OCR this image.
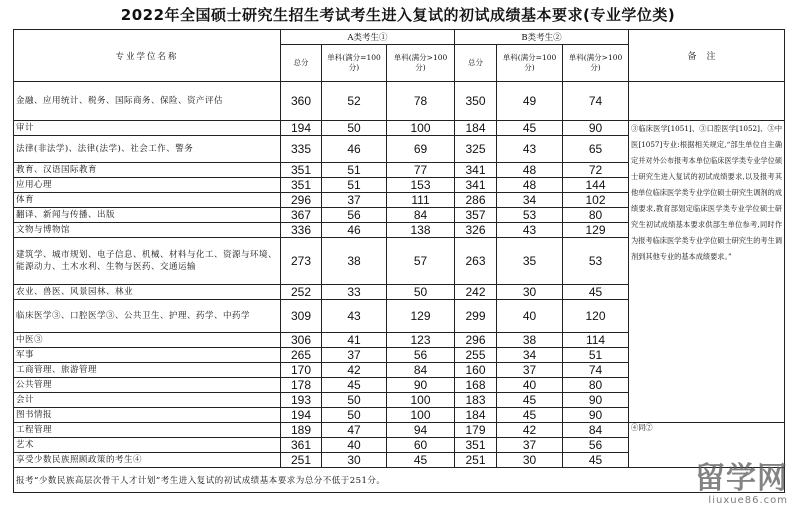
2022年全国硕士研究生招生考试考生进入复试的初试成绩基本要求(专业学位类)
专业学位名称	A类考生①			B类考生②			备注
	总分	单科(满分=100分)	单科(满分>100分)	总分	单科(满分=100分)	单科(满分>100分)	
金融、应用统计、税务、国际商务、保险、资产评估	360	52	78	350	49	74	
审计	194	50	100	184	45	90	③临床医学[1051]、③口腔医学[1052]、③中医[1057]专业:根据相关规定,“部生单位自主确定并对外公布报考本单位临床医学类专业学位硕士研究生进入复试的初试成绩要求,以及报考其他单位临床医学类专业学位硕士研究生调剂的成绩要求,教育部划定临床医学类专业学位硕士研究生初试成绩基本要求供部生单位参考,同时作为报考临床医学类专业学位硕士研究生的考生调剂到其他专业的基本成绩要求。”
法律(非法学)、法律(法学)、社会工作、警务	335	46	69	325	43	65	
教育、汉语国际教育	351	51	77	341	48	72	
应用心理	351	51	153	341	48	144	
体育	296	37	111	286	34	102	
翻译、新闻与传播、出版	367	56	84	357	53	80	
文物与博物馆	336	46	138	326	43	129	
建筑学、城市规划、电子信息、机械、材料与化工、资源与环境、能源动力、土木水利、生物与医药、交通运输	273	38	57	263	35	53	
农业、兽医、风景园林、林业	252	33	50	242	30	45	
临床医学③、口腔医学③、公共卫生、护理、药学、中药学	309	43	129	299	40	120	
中医③	306	41	123	296	38	114	
军事	265	37	56	255	34	51	
工商管理、旅游管理	170	42	84	160	37	74	
公共管理	178	45	90	168	40	80	
会计	193	50	100	183	45	90	
图书情报	194	50	100	184	45	90	
工程管理	189	47	94	179	42	84	④同②
艺术	361	40	60	351	37	56	
享受少数民族照顾政策的考生④	251	30	45	251	30	45	
报考“少数民族高层次骨干人才计划”考生进入复试的初试成绩基本要求为总分不低于251分。								留学网
liuxue86.com
